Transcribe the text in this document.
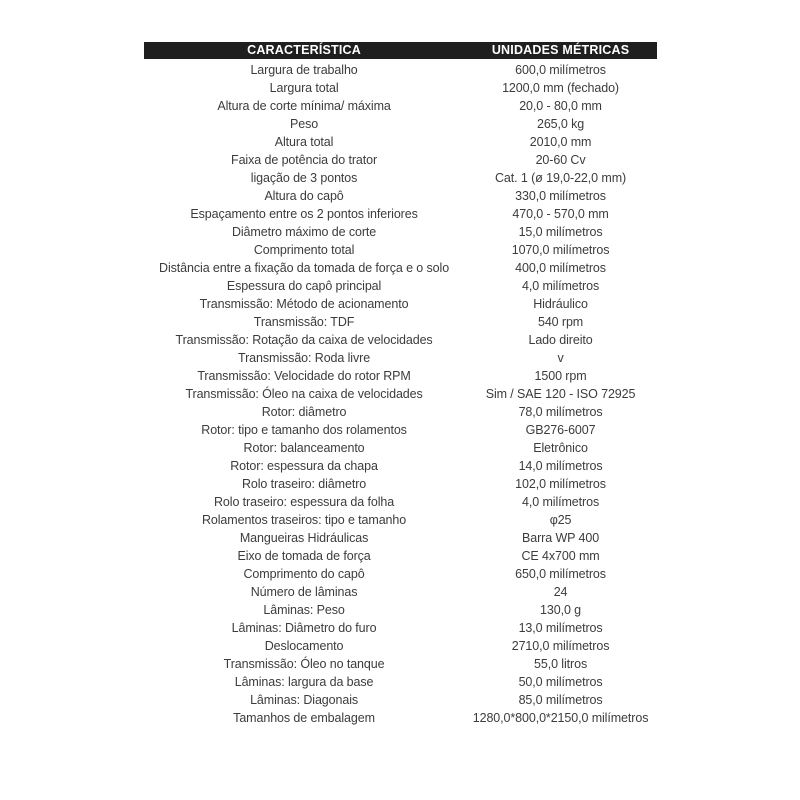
CARACTERÍSTICA	UNIDADES MÉTRICAS
Largura de trabalho	600,0 milímetros
Largura total	1200,0 mm (fechado)
Altura de corte mínima/ máxima	20,0 - 80,0 mm
Peso	265,0 kg
Altura total	2010,0 mm
Faixa de potência do trator	20-60 Cv
ligação de 3 pontos	Cat. 1 (ø 19,0-22,0 mm)
Altura do capô	330,0 milímetros
Espaçamento entre os 2 pontos inferiores	470,0 - 570,0 mm
Diâmetro máximo de corte	15,0 milímetros
Comprimento total	1070,0 milímetros
Distância entre a fixação da tomada de força e o solo	400,0 milímetros
Espessura do capô principal	4,0 milímetros
Transmissão: Método de acionamento	Hidráulico
Transmissão: TDF	540 rpm
Transmissão: Rotação da caixa de velocidades	Lado direito
Transmissão: Roda livre	v
Transmissão: Velocidade do rotor RPM	1500 rpm
Transmissão: Óleo na caixa de velocidades	Sim / SAE 120 - ISO 72925
Rotor: diâmetro	78,0 milímetros
Rotor: tipo e tamanho dos rolamentos	GB276-6007
Rotor: balanceamento	Eletrônico
Rotor: espessura da chapa	14,0 milímetros
Rolo traseiro: diâmetro	102,0 milímetros
Rolo traseiro: espessura da folha	4,0 milímetros
Rolamentos traseiros: tipo e tamanho	φ25
Mangueiras Hidráulicas	Barra WP 400
Eixo de tomada de força	CE 4x700 mm
Comprimento do capô	650,0 milímetros
Número de lâminas	24
Lâminas: Peso	130,0 g
Lâminas: Diâmetro do furo	13,0 milímetros
Deslocamento	2710,0 milímetros
Transmissão: Óleo no tanque	55,0 litros
Lâminas: largura da base	50,0 milímetros
Lâminas: Diagonais	85,0 milímetros
Tamanhos de embalagem	1280,0*800,0*2150,0 milímetros
